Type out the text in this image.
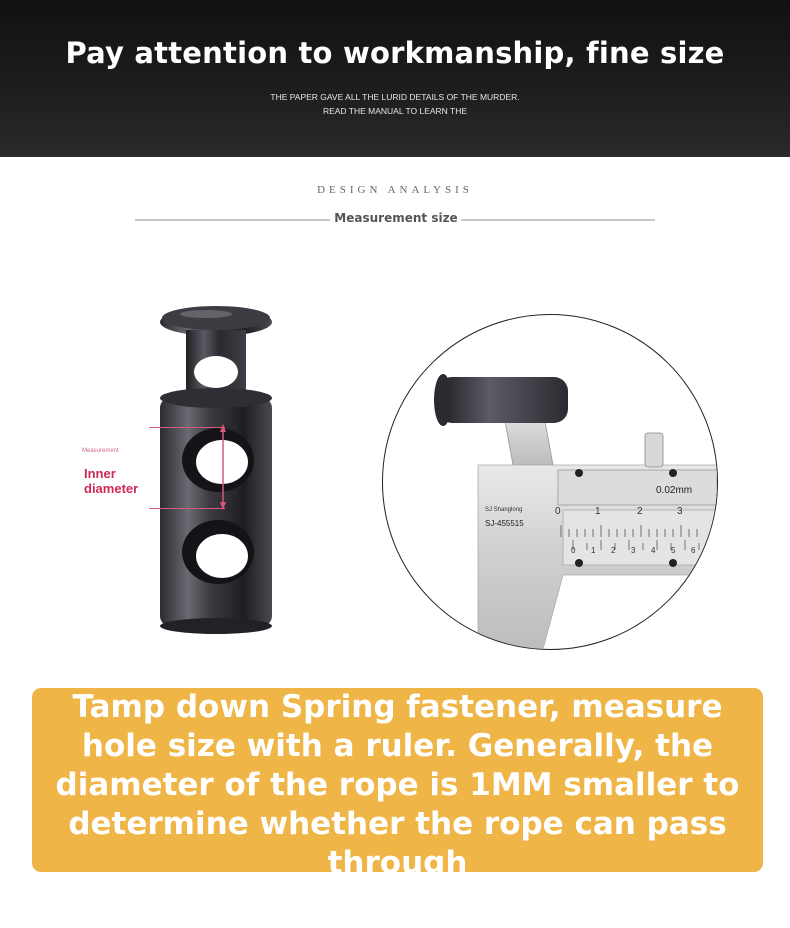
Pay attention to workmanship, fine size
THE PAPER GAVE ALL THE LURID DETAILS OF THE MURDER.
READ THE MANUAL TO LEARN THE
DESIGN ANALYSIS
Measurement size
Measurement
Inner
diameter
SJ Shanglong
SJ-455515
0.02mm
0	1	2	3
0 1 2 3 4 5 6
Tamp down Spring fastener, measure hole size with a ruler. Generally, the diameter of the rope is 1MM smaller to determine whether the rope can pass through
